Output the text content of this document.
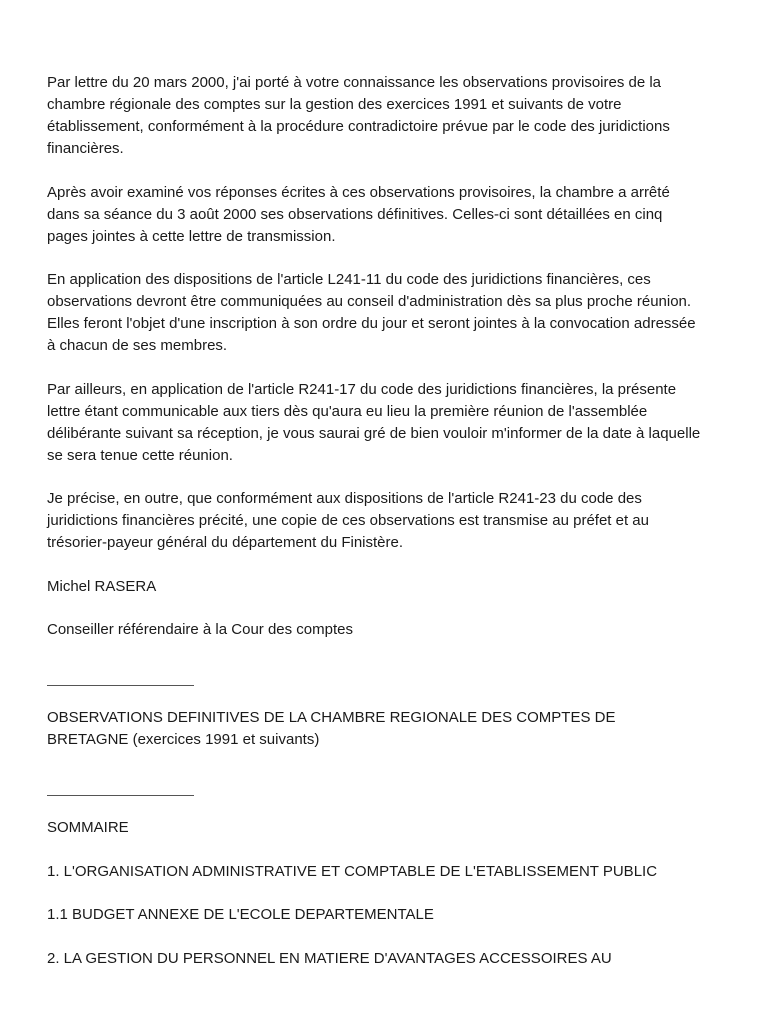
Par lettre du 20 mars 2000, j'ai porté à votre connaissance les observations provisoires de la
chambre régionale des comptes sur la gestion des exercices 1991 et suivants de votre
établissement, conformément à la procédure contradictoire prévue par le code des juridictions
financières.

Après avoir examiné vos réponses écrites à ces observations provisoires, la chambre a arrêté
dans sa séance du 3 août 2000 ses observations définitives. Celles-ci sont détaillées en cinq
pages jointes à cette lettre de transmission.

En application des dispositions de l'article L241-11 du code des juridictions financières, ces
observations devront être communiquées au conseil d'administration dès sa plus proche réunion.
Elles feront l'objet d'une inscription à son ordre du jour et seront jointes à la convocation adressée
à chacun de ses membres.

Par ailleurs, en application de l'article R241-17 du code des juridictions financières, la présente
lettre étant communicable aux tiers dès qu'aura eu lieu la première réunion de l'assemblée
délibérante suivant sa réception, je vous saurai gré de bien vouloir m'informer de la date à laquelle
se sera tenue cette réunion.

Je précise, en outre, que conformément aux dispositions de l'article R241-23 du code des
juridictions financières précité, une copie de ces observations est transmise au préfet et au
trésorier-payeur général du département du Finistère.

Michel RASERA

Conseiller référendaire à la Cour des comptes

OBSERVATIONS DEFINITIVES DE LA CHAMBRE REGIONALE DES COMPTES DE
BRETAGNE (exercices 1991 et suivants)

SOMMAIRE

1. L'ORGANISATION ADMINISTRATIVE ET COMPTABLE DE L'ETABLISSEMENT PUBLIC

1.1 BUDGET ANNEXE DE L'ECOLE DEPARTEMENTALE

2. LA GESTION DU PERSONNEL EN MATIERE D'AVANTAGES ACCESSOIRES AU
